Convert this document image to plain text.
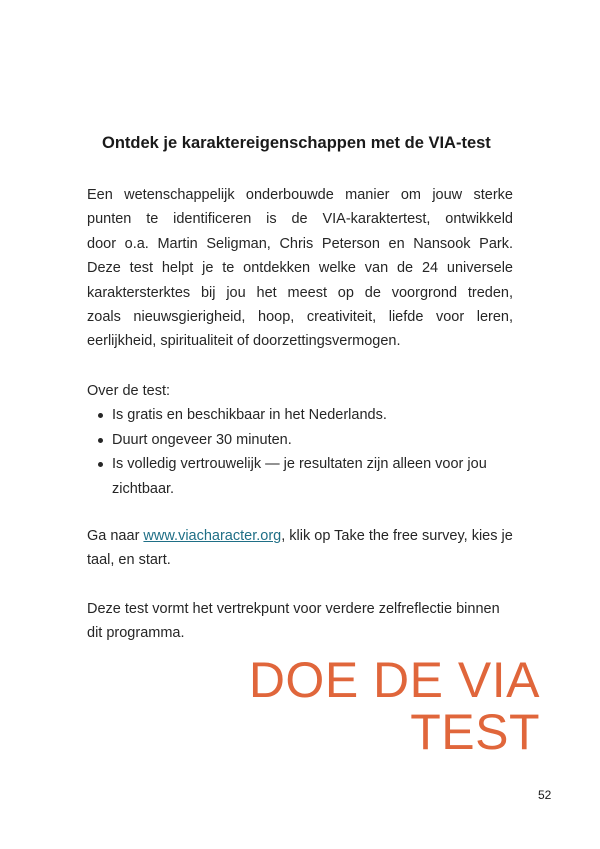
Ontdek je karaktereigenschappen met de VIA-test
Een wetenschappelijk onderbouwde manier om jouw sterke
punten te identificeren is de VIA-karaktertest, ontwikkeld
door o.a. Martin Seligman, Chris Peterson en Nansook Park.
Deze test helpt je te ontdekken welke van de 24 universele
karaktersterktes bij jou het meest op de voorgrond treden,
zoals nieuwsgierigheid, hoop, creativiteit, liefde voor leren,
eerlijkheid, spiritualiteit of doorzettingsvermogen.
Over de test:
Is gratis en beschikbaar in het Nederlands.
Duurt ongeveer 30 minuten.
Is volledig vertrouwelijk — je resultaten zijn alleen voor jou zichtbaar.
Ga naar www.viacharacter.org, klik op Take the free survey, kies je taal, en start.
Deze test vormt het vertrekpunt voor verdere zelfreflectie binnen dit programma.
DOE DE VIA
TEST
52
